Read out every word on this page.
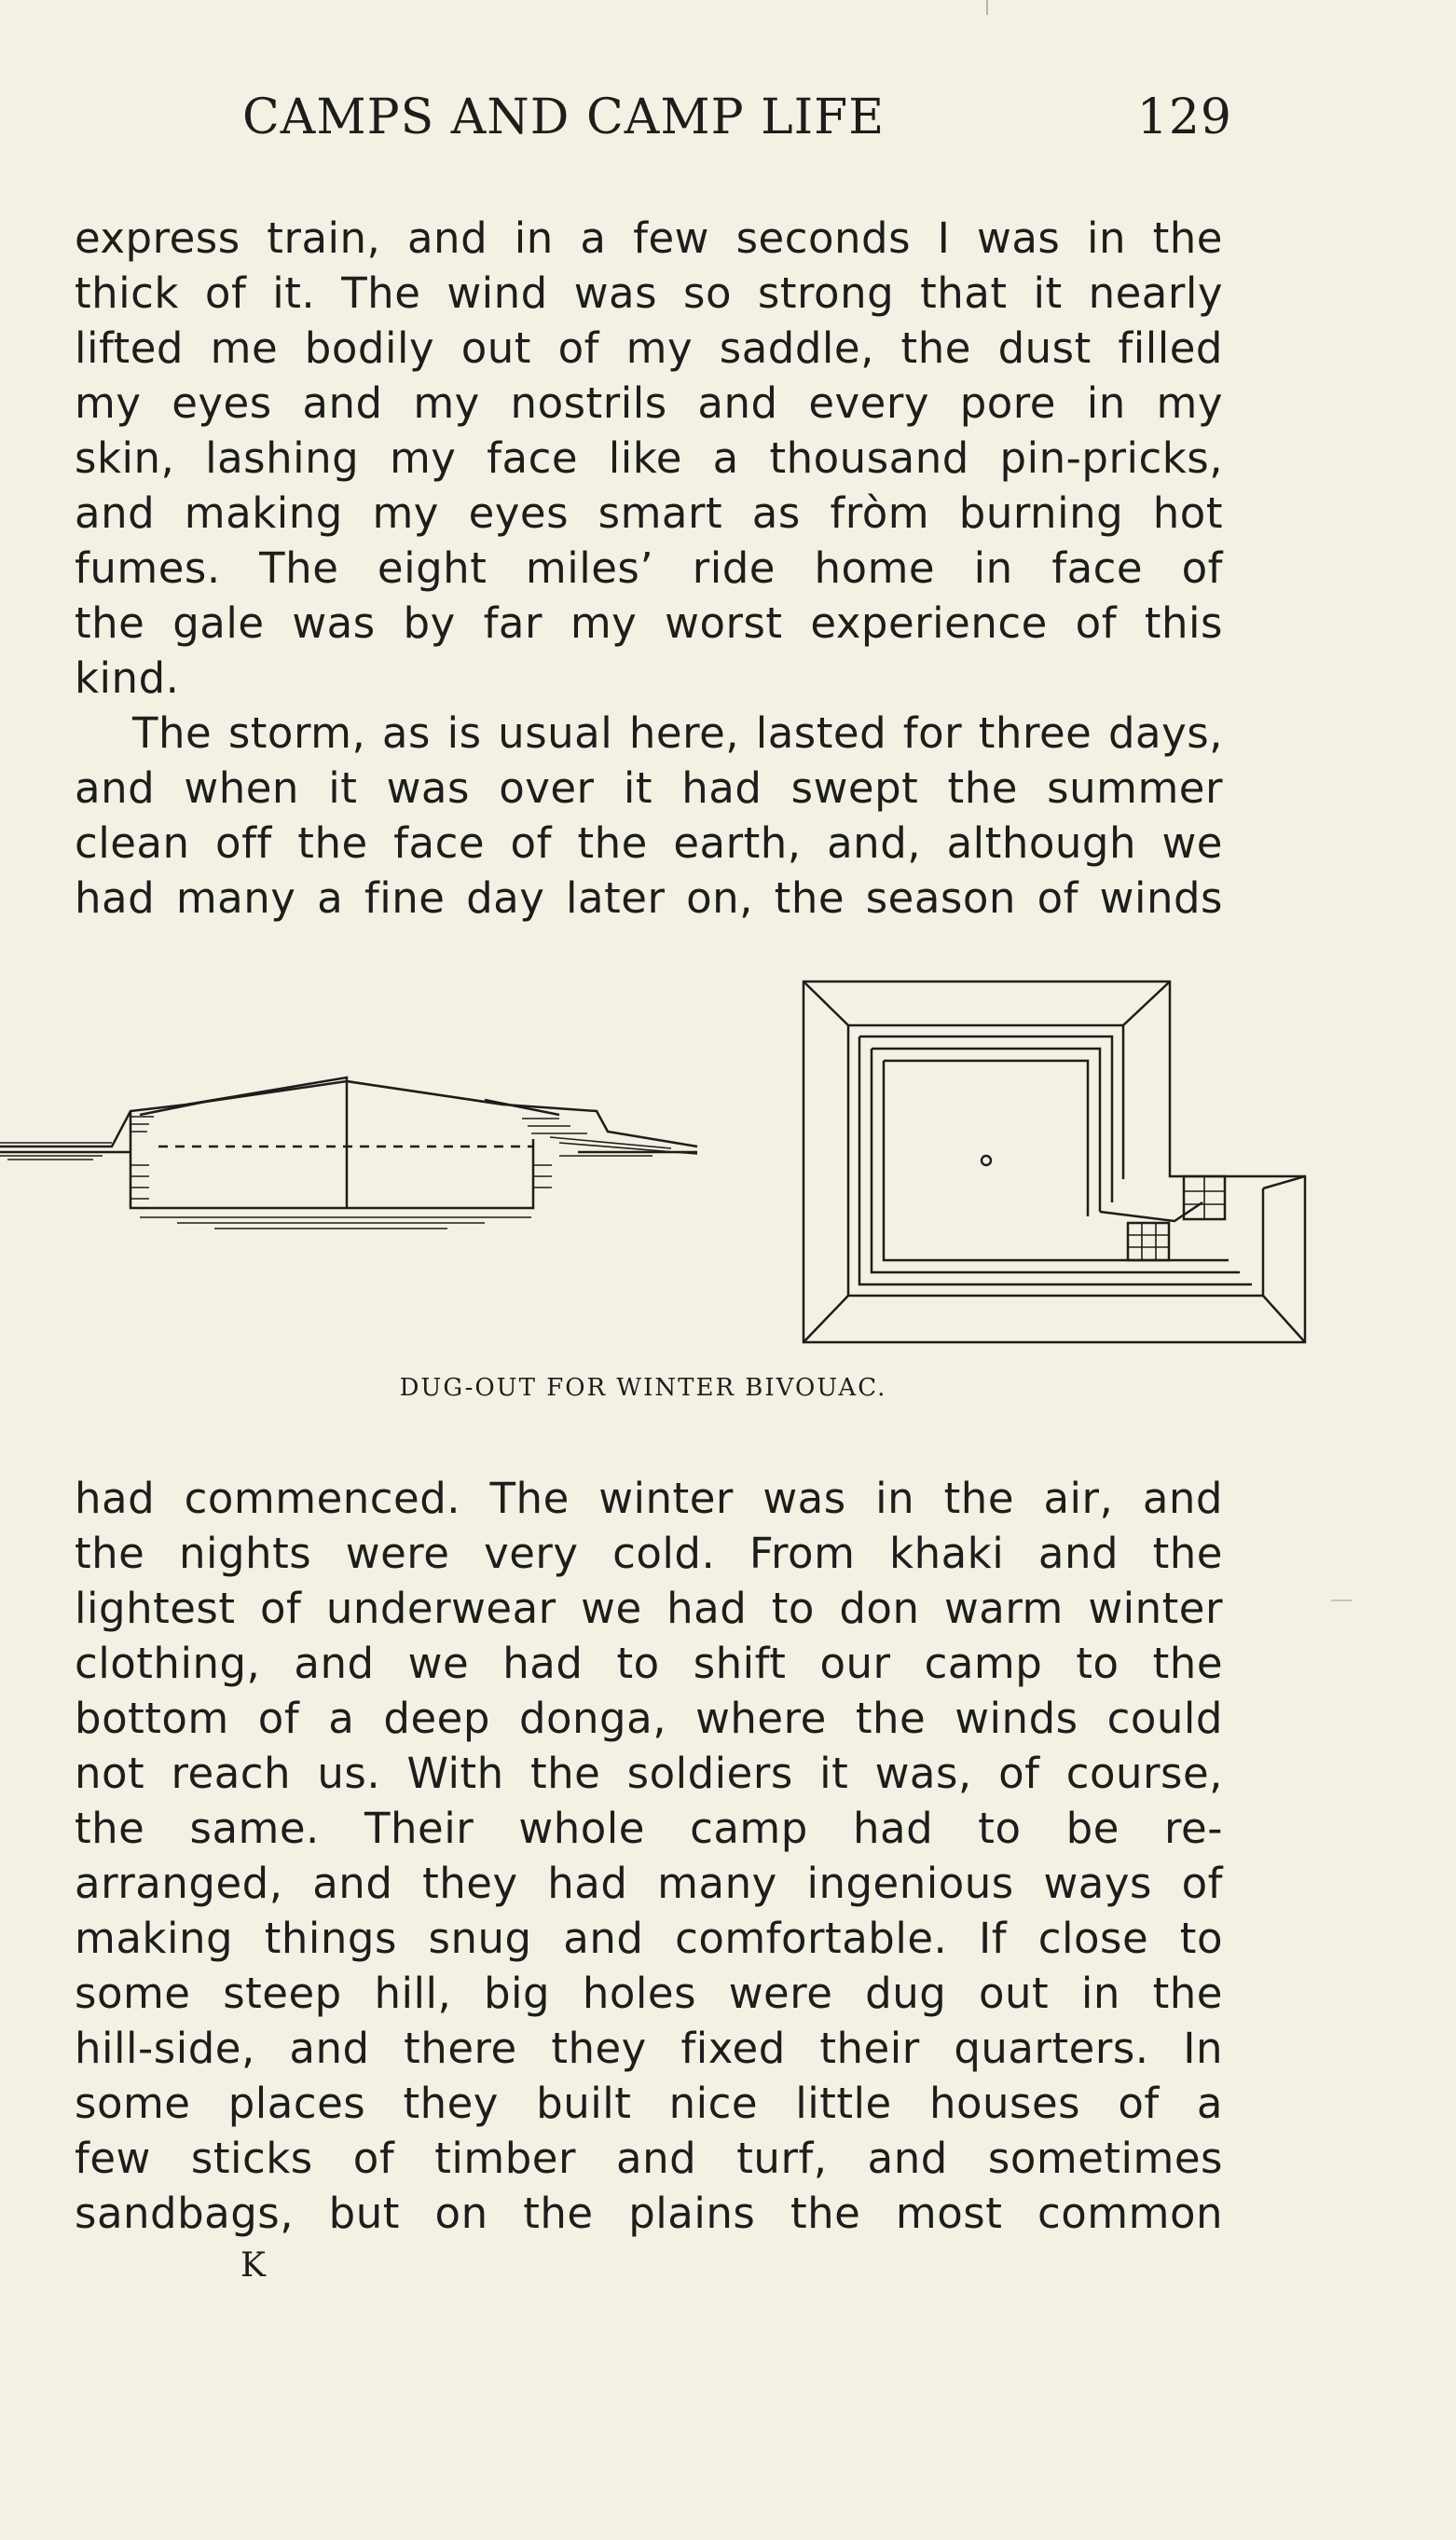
CAMPS AND CAMP LIFE	129
express train, and in a few seconds I was in the
thick of it. The wind was so strong that it nearly
lifted me bodily out of my saddle, the dust filled
my eyes and my nostrils and every pore in my
skin, lashing my face like a thousand pin-pricks,
and making my eyes smart as fròm burning hot
fumes. The eight miles’ ride home in face of
the gale was by far my worst experience of this
kind.
The storm, as is usual here, lasted for three days,
and when it was over it had swept the summer
clean off the face of the earth, and, although we
had many a fine day later on, the season of winds
DUG-OUT FOR WINTER BIVOUAC.
had commenced. The winter was in the air, and
the nights were very cold. From khaki and the
lightest of underwear we had to don warm winter
clothing, and we had to shift our camp to the
bottom of a deep donga, where the winds could
not reach us. With the soldiers it was, of course,
the same. Their whole camp had to be re-
arranged, and they had many ingenious ways of
making things snug and comfortable. If close to
some steep hill, big holes were dug out in the
hill-side, and there they fixed their quarters. In
some places they built nice little houses of a
few sticks of timber and turf, and sometimes
sandbags, but on the plains the most common
K
